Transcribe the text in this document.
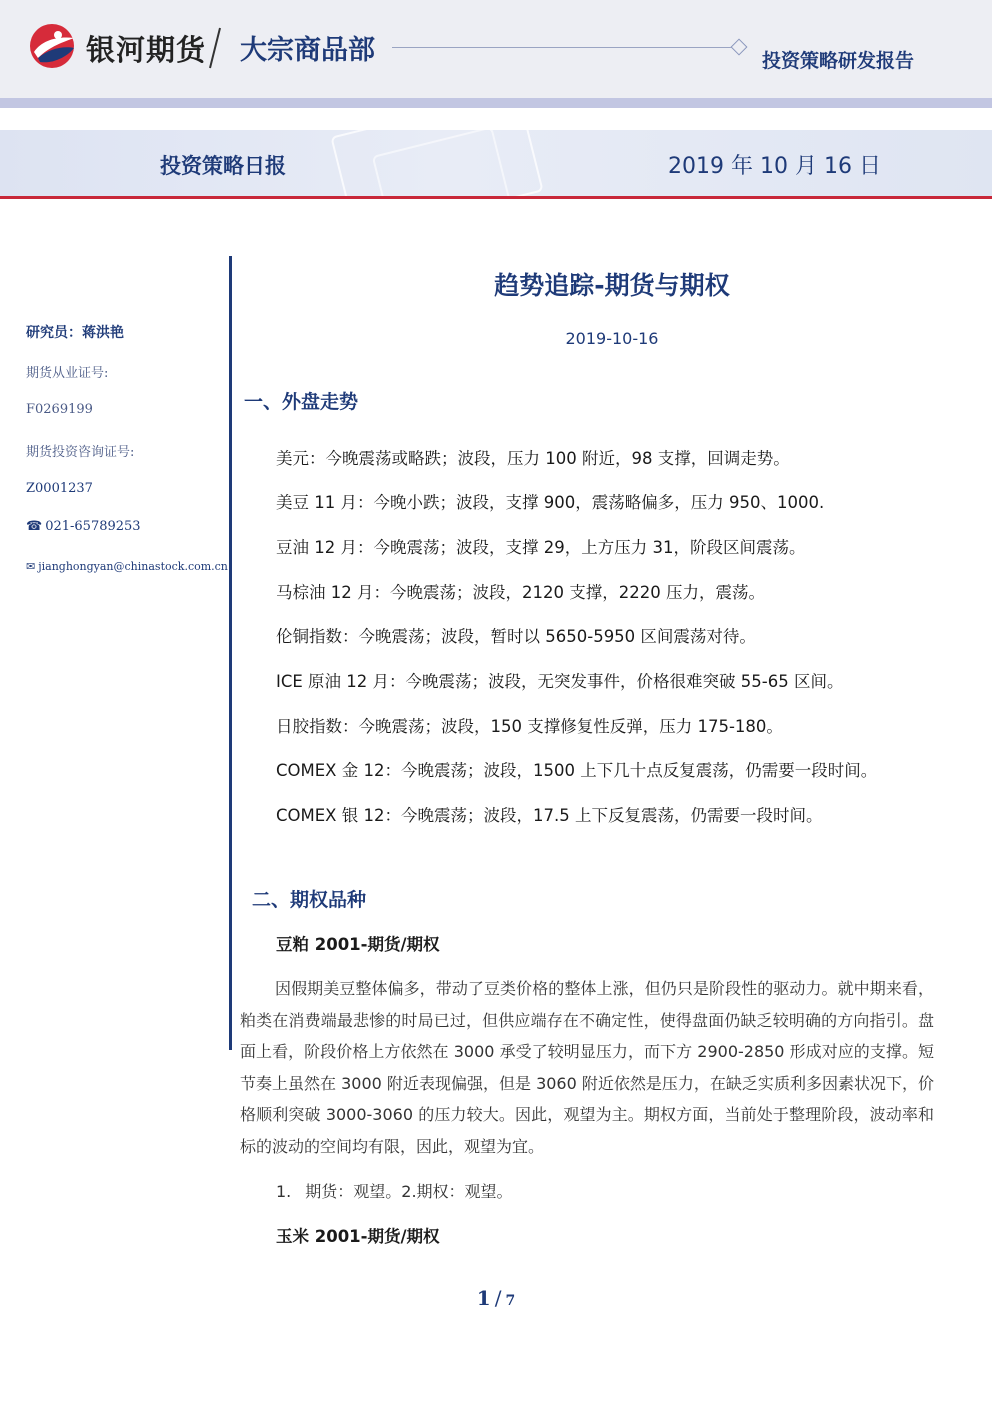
银河期货 大宗商品部	投资策略研发报告
投资策略日报	2019 年 10 月 16 日
研究员：蒋洪艳
期货从业证号:
F0269199
期货投资咨询证号:
Z0001237
☎ 021-65789253
✉ jianghongyan@chinastock.com.cn
趋势追踪-期货与期权
2019-10-16
一、外盘走势
美元：今晚震荡或略跌；波段，压力 100 附近，98 支撑，回调走势。
美豆 11 月：今晚小跌；波段，支撑 900，震荡略偏多，压力 950、1000.
豆油 12 月：今晚震荡；波段，支撑 29，上方压力 31，阶段区间震荡。
马棕油 12 月：今晚震荡；波段，2120 支撑，2220 压力，震荡。
伦铜指数：今晚震荡；波段，暂时以 5650-5950 区间震荡对待。
ICE 原油 12 月：今晚震荡；波段，无突发事件，价格很难突破 55-65 区间。
日胶指数：今晚震荡；波段，150 支撑修复性反弹，压力 175-180。
COMEX 金 12：今晚震荡；波段，1500 上下几十点反复震荡，仍需要一段时间。
COMEX 银 12：今晚震荡；波段，17.5 上下反复震荡，仍需要一段时间。
二、期权品种
豆粕 2001-期货/期权
因假期美豆整体偏多，带动了豆类价格的整体上涨，但仍只是阶段性的驱动力。就中期来看，粕类在消费端最悲惨的时局已过，但供应端存在不确定性，使得盘面仍缺乏较明确的方向指引。盘面上看，阶段价格上方依然在 3000 承受了较明显压力，而下方 2900-2850 形成对应的支撑。短节奏上虽然在 3000 附近表现偏强，但是 3060 附近依然是压力，在缺乏实质利多因素状况下，价格顺利突破 3000-3060 的压力较大。因此，观望为主。期权方面，当前处于整理阶段，波动率和标的波动的空间均有限，因此，观望为宜。
1. 期货：观望。2.期权：观望。
玉米 2001-期货/期权
1 / 7
